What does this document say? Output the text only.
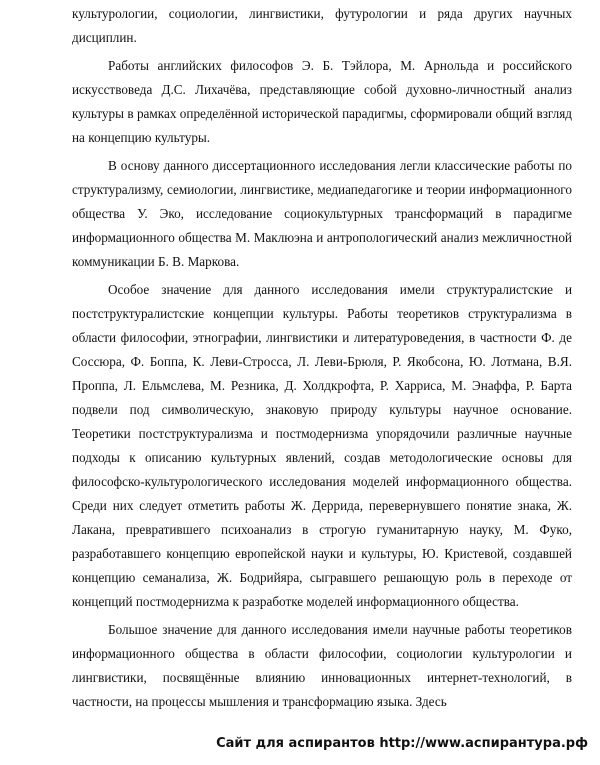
культурологии, социологии, лингвистики, футурологии и ряда других научных дисциплин.

Работы английских философов Э. Б. Тэйлора, М. Арнольда и российского искусствоведа Д.С. Лихачёва, представляющие собой духовно-личностный анализ культуры в рамках определённой исторической парадигмы, сформировали общий взгляд на концепцию культуры.

В основу данного диссертационного исследования легли классические работы по структурализму, семиологии, лингвистике, медиапедагогике и теории информационного общества У. Эко, исследование социокультурных трансформаций в парадигме информационного общества М. Маклюэна и антропологический анализ межличностной коммуникации Б. В. Маркова.

Особое значение для данного исследования имели структуралистские и постструктуралистские концепции культуры. Работы теоретиков структурализма в области философии, этнографии, лингвистики и литературоведения, в частности Ф. де Соссюра, Ф. Боппа, К. Леви-Стросса, Л. Леви-Брюля, Р. Якобсона, Ю. Лотмана, В.Я. Проппа, Л. Ельмслева, М. Резника, Д. Холдкрофта, Р. Харриса, М. Энаффа, Р. Барта подвели под символическую, знаковую природу культуры научное основание. Теоретики постструктурализма и постмодернизма упорядочили различные научные подходы к описанию культурных явлений, создав методологические основы для философско-культурологического исследования моделей информационного общества. Среди них следует отметить работы Ж. Деррида, перевернувшего понятие знака, Ж. Лакана, превратившего психоанализ в строгую гуманитарную науку, М. Фуко, разработавшего концепцию европейской науки и культуры, Ю. Кристевой, создавшей концепцию семанализа, Ж. Бодрийяра, сыгравшего решающую роль в переходе от концепций постмодерниzма к разработке моделей информационного общества.

Большое значение для данного исследования имели научные работы теоретиков информационного общества в области философии, социологии культурологии и лингвистики, посвящённые влиянию инновационных интернет-технологий, в частности, на процессы мышления и трансформацию языка. Здесь

Сайт для аспирантов http://www.аспирантура.рф
